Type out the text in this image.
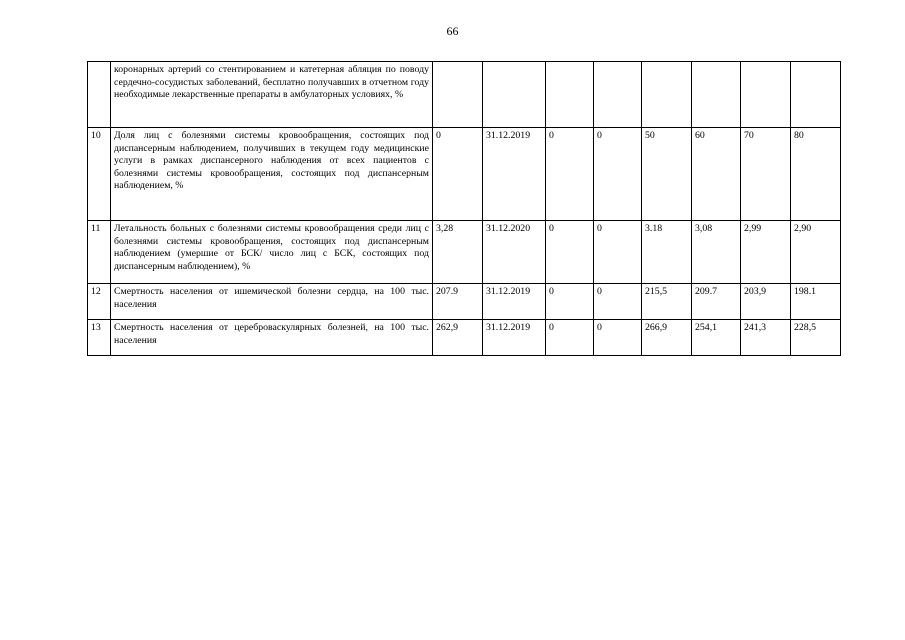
66
	коронарных артерий со стентированием и катетерная абляция по поводу сердечно-сосудистых заболеваний, бесплатно получавших в отчетном году необходимые лекарственные препараты в амбулаторных условиях, %								
10	Доля лиц с болезнями системы кровообращения, состоящих под диспансерным наблюдением, получивших в текущем году медицинские услуги в рамках диспансерного наблюдения от всех пациентов с болезнями системы кровообращения, состоящих под диспансерным наблюдением, %	0	31.12.2019	0	0	50	60	70	80
11	Летальность больных с болезнями системы кровообращения среди лиц с болезнями системы кровообращения, состоящих под диспансерным наблюдением (умершие от БСК/ число лиц с БСК, состоящих под диспансерным наблюдением), %	3,28	31.12.2020	0	0	3.18	3,08	2,99	2,90
12	Смертность населения от ишемической болезни сердца, на 100 тыс. населения	207.9	31.12.2019	0	0	215,5	209.7	203,9	198.1
13	Смертность населения от цереброваскулярных болезней, на 100 тыс. населения	262,9	31.12.2019	0	0	266,9	254,1	241,3	228,5
